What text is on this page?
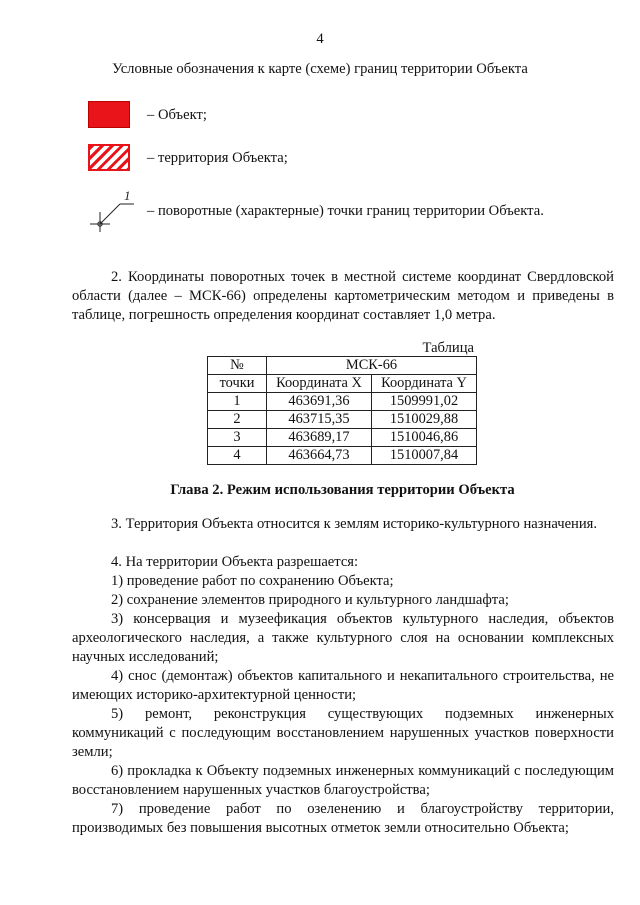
4
Условные обозначения к карте (схеме) границ территории Объекта
– Объект;
– территория Объекта;
1
– поворотные (характерные) точки границ территории Объекта.
2. Координаты поворотных точек в местной системе координат Свердловской области (далее – МСК-66) определены картометрическим методом и приведены в таблице, погрешность определения координат составляет 1,0 метра.
Таблица
№	МСК-66	
точки	Координата X	Координата Y
1	463691,36	1509991,02
2	463715,35	1510029,88
3	463689,17	1510046,86
4	463664,73	1510007,84
Глава 2. Режим использования территории Объекта
3. Территория Объекта относится к землям историко-культурного назначения.
4. На территории Объекта разрешается:
1) проведение работ по сохранению Объекта;
2) сохранение элементов природного и культурного ландшафта;
3) консервация и музеефикация объектов культурного наследия, объектов археологического наследия, а также культурного слоя на основании комплексных научных исследований;
4) снос (демонтаж) объектов капитального и некапитального строительства, не имеющих историко-архитектурной ценности;
5) ремонт, реконструкция существующих подземных инженерных коммуникаций с последующим восстановлением нарушенных участков поверхности земли;
6) прокладка к Объекту подземных инженерных коммуникаций с последующим восстановлением нарушенных участков благоустройства;
7) проведение работ по озеленению и благоустройству территории, производимых без повышения высотных отметок земли относительно Объекта;
